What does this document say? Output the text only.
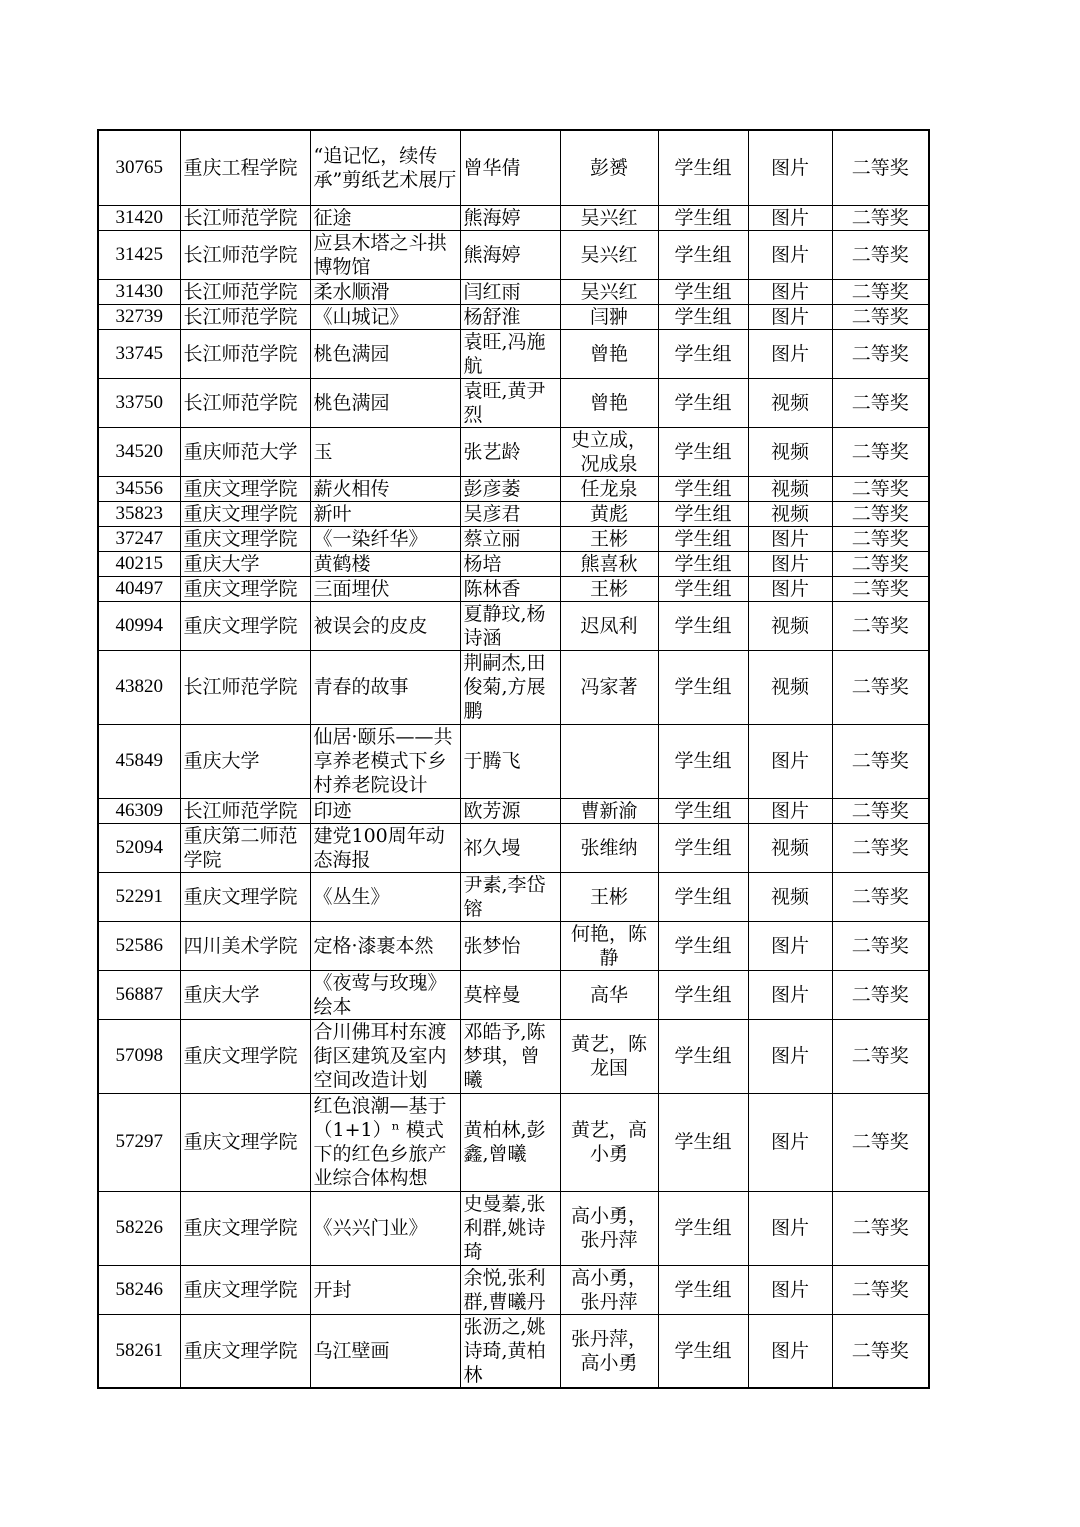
30765	重庆工程学院	“追记忆，续传承”剪纸艺术展厅	曾华倩	彭赟	学生组	图片	二等奖
31420	长江师范学院	征途	熊海婷	吴兴红	学生组	图片	二等奖
31425	长江师范学院	应县木塔之斗拱博物馆	熊海婷	吴兴红	学生组	图片	二等奖
31430	长江师范学院	柔水顺滑	闫红雨	吴兴红	学生组	图片	二等奖
32739	长江师范学院	《山城记》	杨舒淮	闫翀	学生组	图片	二等奖
33745	长江师范学院	桃色满园	袁旺,冯施航	曾艳	学生组	图片	二等奖
33750	长江师范学院	桃色满园	袁旺,黄尹烈	曾艳	学生组	视频	二等奖
34520	重庆师范大学	玉	张艺龄	史立成，况成泉	学生组	视频	二等奖
34556	重庆文理学院	薪火相传	彭彦萎	任龙泉	学生组	视频	二等奖
35823	重庆文理学院	新叶	吴彦君	黄彪	学生组	视频	二等奖
37247	重庆文理学院	《一染纤华》	蔡立丽	王彬	学生组	图片	二等奖
40215	重庆大学	黄鹤楼	杨培	熊喜秋	学生组	图片	二等奖
40497	重庆文理学院	三面埋伏	陈林香	王彬	学生组	图片	二等奖
40994	重庆文理学院	被误会的皮皮	夏静玟,杨诗涵	迟凤利	学生组	视频	二等奖
43820	长江师范学院	青春的故事	荆嗣杰,田俊菊,方展鹏	冯家著	学生组	视频	二等奖
45849	重庆大学	仙居·颐乐——共享养老模式下乡村养老院设计	于腾飞		学生组	图片	二等奖
46309	长江师范学院	印迹	欧芳源	曹新渝	学生组	图片	二等奖
52094	重庆第二师范学院	建党100周年动态海报	祁久墁	张维纳	学生组	视频	二等奖
52291	重庆文理学院	《丛生》	尹素,李岱镕	王彬	学生组	视频	二等奖
52586	四川美术学院	定格·漆裹本然	张梦怡	何艳，陈静	学生组	图片	二等奖
56887	重庆大学	《夜莺与玫瑰》绘本	莫梓曼	高华	学生组	图片	二等奖
57098	重庆文理学院	合川佛耳村东渡街区建筑及室内空间改造计划	邓皓予,陈梦琪，曾曦	黄艺，陈龙国	学生组	图片	二等奖
57297	重庆文理学院	红色浪潮—基于（1+1）ⁿ 模式下的红色乡旅产业综合体构想	黄柏林,彭鑫,曾曦	黄艺，高小勇	学生组	图片	二等奖
58226	重庆文理学院	《兴兴门业》	史曼蓁,张利群,姚诗琦	高小勇，张丹萍	学生组	图片	二等奖
58246	重庆文理学院	开封	余悦,张利群,曹曦丹	高小勇，张丹萍	学生组	图片	二等奖
58261	重庆文理学院	乌江壁画	张沥之,姚诗琦,黄柏林	张丹萍，高小勇	学生组	图片	二等奖
